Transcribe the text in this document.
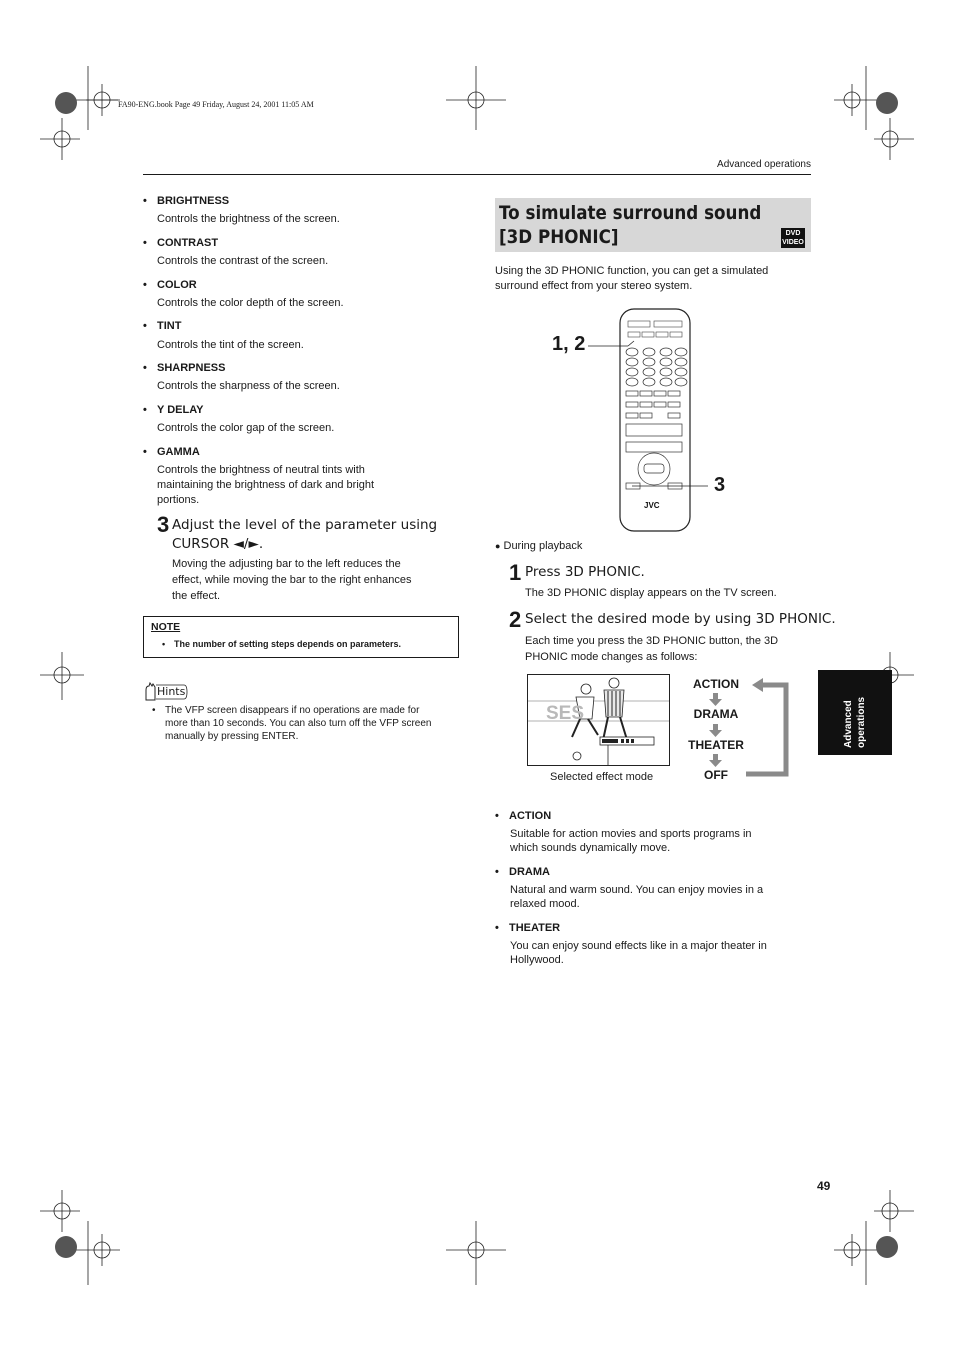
FA90-ENG.book Page 49 Friday, August 24, 2001 11:05 AM
Advanced operations
• BRIGHTNESS
Controls the brightness of the screen.
• CONTRAST
Controls the contrast of the screen.
• COLOR
Controls the color depth of the screen.
• TINT
Controls the tint of the screen.
• SHARPNESS
Controls the sharpness of the screen.
• Y DELAY
Controls the color gap of the screen.
• GAMMA
Controls the brightness of neutral tints with
maintaining the brightness of dark and bright
portions.
3 Adjust the level of the parameter using
CURSOR ◄/►.
Moving the adjusting bar to the left reduces the
effect, while moving the bar to the right enhances
the effect.
NOTE
• The number of setting steps depends on parameters.
Hints
• The VFP screen disappears if no operations are made for
more than 10 seconds. You can also turn off the VFP screen
manually by pressing ENTER.
To simulate surround sound
[3D PHONIC]	DVD
VIDEO
Using the 3D PHONIC function, you can get a simulated
surround effect from your stereo system.
JVC
1, 2
3
● During playback
1 Press 3D PHONIC.
The 3D PHONIC display appears on the TV screen.
2 Select the desired mode by using 3D PHONIC.
Each time you press the 3D PHONIC button, the 3D
PHONIC mode changes as follows:
SES
Selected effect mode
ACTION
DRAMA
THEATER
OFF
• ACTION
Suitable for action movies and sports programs in
which sounds dynamically move.
• DRAMA
Natural and warm sound. You can enjoy movies in a
relaxed mood.
• THEATER
You can enjoy sound effects like in a major theater in
Hollywood.
Advanced operations
49
